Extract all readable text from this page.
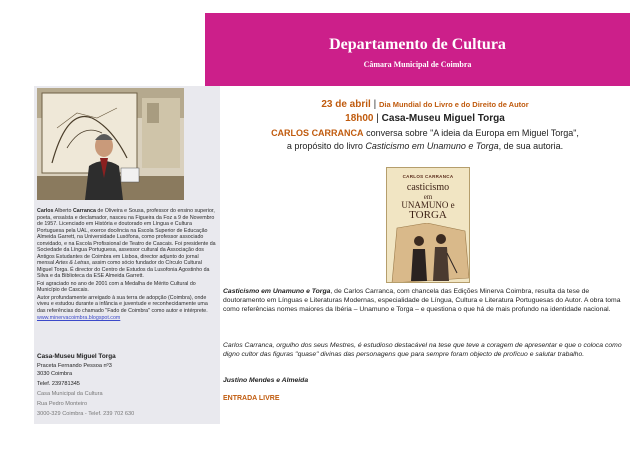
Departamento de Cultura
Câmara Municipal de Coimbra

Carlos Alberto Carranca de Oliveira e Sousa, professor do ensino superior, poeta, ensaísta e declamador, nasceu na Figueira da Foz a 9 de Novembro de 1957. Licenciado em História e doutorado em Língua e Cultura Portuguesa pela UAL, exerce docência na Escola Superior de Educação Almeida Garrett, na Universidade Lusófona, como professor associado convidado, e na Escola Profissional de Teatro de Cascais. Foi presidente da Sociedade da Língua Portuguesa, assessor cultural da Associação dos Antigos Estudantes de Coimbra em Lisboa, director adjunto do jornal mensal Artes & Letras, assim como sócio fundador do Círculo Cultural Miguel Torga. É director do Centro de Estudos da Lusofonia Agostinho da Silva e da Biblioteca da ESE Almeida Garrett.

Foi agraciado no ano de 2001 com a Medalha de Mérito Cultural do Município de Cascais.

Autor profundamente arreigado à sua terra de adopção (Coimbra), onde viveu e estudou durante a infância e juventude e reconhecidamente uma das referências do chamado "Fado de Coimbra" como autor e intérprete.

www.minervacoimbra.blogspot.com

Casa-Museu Miguel Torga
Praceta Fernando Pessoa nº3
3030 Coimbra
Telef. 239781345
Casa Municipal da Cultura
Rua Pedro Monteiro
3000-329 Coimbra - Telef. 239 702 630
23 de abril | Dia Mundial do Livro e do Direito de Autor
18h00 | Casa-Museu Miguel Torga
CARLOS CARRANCA conversa sobre "A ideia da Europa em Miguel Torga",
a propósito do livro Casticismo em Unamuno e Torga, de sua autoria.
CARLOS CARRANCA
casticismo
em
UNAMUNO e
TORGA
Casticismo em Unamuno e Torga, de Carlos Carranca, com chancela das Edições Minerva Coimbra, resulta da tese de doutoramento em Línguas e Literaturas Modernas, especialidade de Língua, Cultura e Literatura Portuguesas do Autor. A obra toma como referências nomes maiores da Ibéria – Unamuno e Torga – e questiona o que há de mais profundo na identidade nacional.
Carlos Carranca, orgulho dos seus Mestres, é estudioso destacável na tese que teve a coragem de apresentar e que o coloca como digno cultor das figuras "quase" divinas das personagens que para sempre foram objecto de profícuo e salutar trabalho.
Justino Mendes e Almeida
ENTRADA LIVRE
